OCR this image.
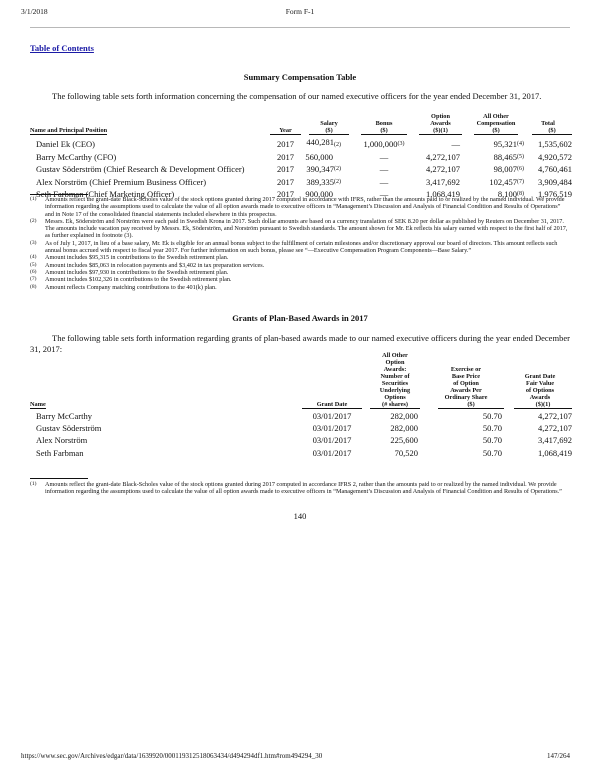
3/1/2018	Form F-1
Table of Contents
Summary Compensation Table
The following table sets forth information concerning the compensation of our named executive officers for the year ended December 31, 2017.
Name and Principal Position	Year

Salary
($)

Bonus
($)

Option
Awards
($)(1)

All Other
Compensation
($)

Total
($)

Daniel Ek (CEO)	2017	$440,281_{(2)}$	1,000,000$^{(3)}$	—	95,321$^{(4)}$	1,535,602
Barry McCarthy (CFO)	2017	560,000	—	4,272,107	88,465$^{(5)}$	4,920,572
Gustav Söderström (Chief Research & Development Officer)	2017	390,347$^{(2)}$	—	4,272,107	98,007$^{(6)}$	4,760,461
Alex Norström (Chief Premium Business Officer)	2017	389,335$^{(2)}$	—	3,417,692	102,457$^{(7)}$	3,909,484
Seth Farbman (Chief Marketing Officer)	2017	900,000	—	1,068,419	8,100$^{(8)}$	1,976,519
(1)	Amounts reflect the grant-date Black-Scholes value of the stock options granted during 2017 computed in accordance with IFRS, rather than the amounts paid to or realized by the named individual. We provide information regarding the assumptions used to calculate the value of all option awards made to executive officers in “Management’s Discussion and Analysis of Financial Condition and Results of Operations” and in Note 17 of the consolidated financial statements included elsewhere in this prospectus.
(2)	Messrs. Ek, Söderström and Norström were each paid in Swedish Krona in 2017. Such dollar amounts are based on a currency translation of SEK 8.20 per dollar as published by Reuters on December 31, 2017. The amounts include vacation pay received by Messrs. Ek, Söderström, and Norström pursuant to Swedish standards. The amount shown for Mr. Ek reflects his salary earned with respect to the first half of 2017, as further explained in footnote (3).
(3)	As of July 1, 2017, in lieu of a base salary, Mr. Ek is eligible for an annual bonus subject to the fulfillment of certain milestones and/or discretionary approval our board of directors. This amount reflects such annual bonus accrued with respect to fiscal year 2017. For further information on such bonus, please see “—Executive Compensation Program Components—Base Salary.”
(4)	Amount includes $95,315 in contributions to the Swedish retirement plan.
(5)	Amount includes $85,063 in relocation payments and $3,402 in tax preparation services.
(6)	Amount includes $97,930 in contributions to the Swedish retirement plan.
(7)	Amount includes $102,326 in contributions to the Swedish retirement plan.
(8)	Amount reflects Company matching contributions to the 401(k) plan.
Grants of Plan-Based Awards in 2017
The following table sets forth information regarding grants of plan-based awards made to our named executive officers during the year ended December 31, 2017:
Name	Grant Date

All Other
Option
Awards:
Number of
Securities
Underlying
Options
(# shares)

Exercise or
Base Price
of Option
Awards Per
Ordinary Share
($)

Grant Date
Fair Value
of Options
Awards
($)(1)

Barry McCarthy	03/01/2017	282,000	50.70	4,272,107
Gustav Söderström	03/01/2017	282,000	50.70	4,272,107
Alex Norström	03/01/2017	225,600	50.70	3,417,692
Seth Farbman	03/01/2017	70,520	50.70	1,068,419
(1)	Amounts reflect the grant-date Black-Scholes value of the stock options granted during 2017 computed in accordance IFRS 2, rather than the amounts paid to or realized by the named individual. We provide information regarding the assumptions used to calculate the value of all option awards made to executive officers in “Management’s Discussion and Analysis of Financial Condition and Results of Operations.”
140
https://www.sec.gov/Archives/edgar/data/1639920/000119312518063434/d494294df1.htm#rom494294_30	147/264
